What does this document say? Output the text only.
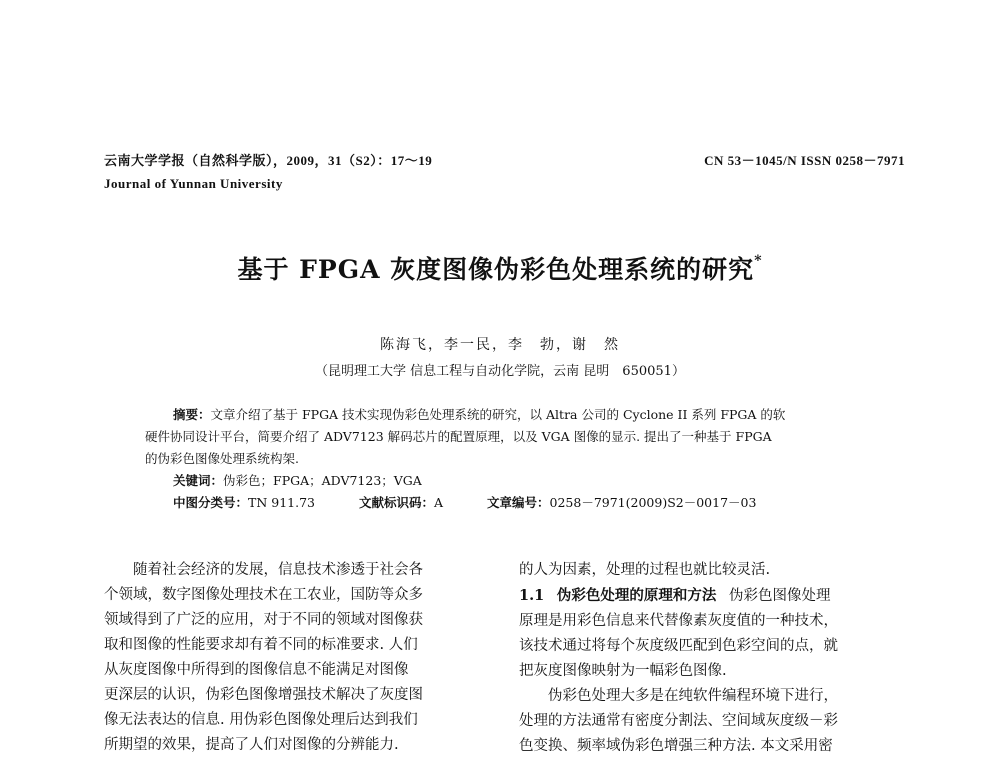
云南大学学报（自然科学版），2009，31（S2）：17～19
Journal of Yunnan University
CN 53－1045/N ISSN 0258－7971
基于 FPGA 灰度图像伪彩色处理系统的研究*
陈海飞，李一民，李　勃，谢　然
（昆明理工大学 信息工程与自动化学院，云南 昆明　650051）
摘要：文章介绍了基于 FPGA 技术实现伪彩色处理系统的研究，以 Altra 公司的 Cyclone II 系列 FPGA 的软
硬件协同设计平台，简要介绍了 ADV7123 解码芯片的配置原理，以及 VGA 图像的显示. 提出了一种基于 FPGA
的伪彩色图像处理系统构架.
关键词：伪彩色；FPGA；ADV7123；VGA
中图分类号：TN 911.73	文献标识码：A	文章编号：0258－7971(2009)S2－0017－03

随着社会经济的发展，信息技术渗透于社会各

个领域，数字图像处理技术在工农业，国防等众多

领域得到了广泛的应用，对于不同的领域对图像获

取和图像的性能要求却有着不同的标准要求. 人们

从灰度图像中所得到的图像信息不能满足对图像

更深层的认识，伪彩色图像增强技术解决了灰度图

像无法表达的信息. 用伪彩色图像处理后达到我们

所期望的效果，提高了人们对图像的分辨能力.

的人为因素，处理的过程也就比较灵活.

1.1 伪彩色处理的原理和方法 伪彩色图像处理

原理是用彩色信息来代替像素灰度值的一种技术，

该技术通过将每个灰度级匹配到色彩空间的点，就

把灰度图像映射为一幅彩色图像.

伪彩色处理大多是在纯软件编程环境下进行，

处理的方法通常有密度分割法、空间域灰度级－彩

色变换、频率域伪彩色增强三种方法. 本文采用密
